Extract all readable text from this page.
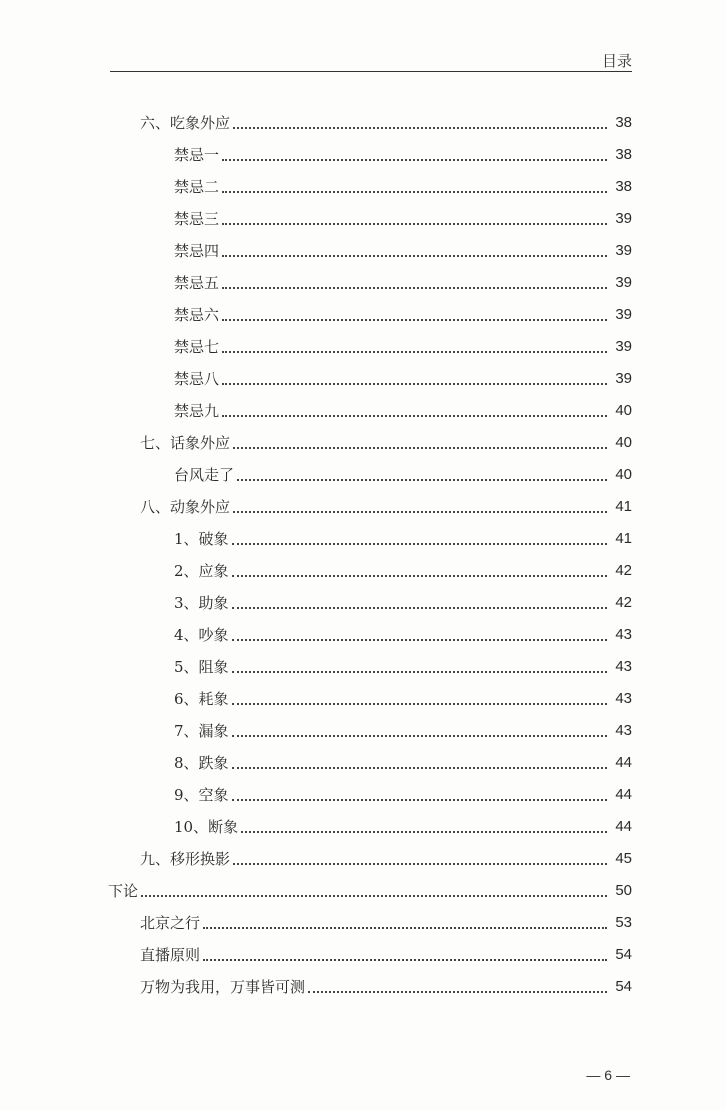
目录
六、吃象外应	38
禁忌一	38
禁忌二	38
禁忌三	39
禁忌四	39
禁忌五	39
禁忌六	39
禁忌七	39
禁忌八	39
禁忌九	40
七、话象外应	40
台风走了	40
八、动象外应	41
1、破象	41
2、应象	42
3、助象	42
4、吵象	43
5、阻象	43
6、耗象	43
7、漏象	43
8、跌象	44
9、空象	44
10、断象	44
九、移形换影	45
下论	50
北京之行	53
直播原则	54
万物为我用，万事皆可测	54
— 6 —
